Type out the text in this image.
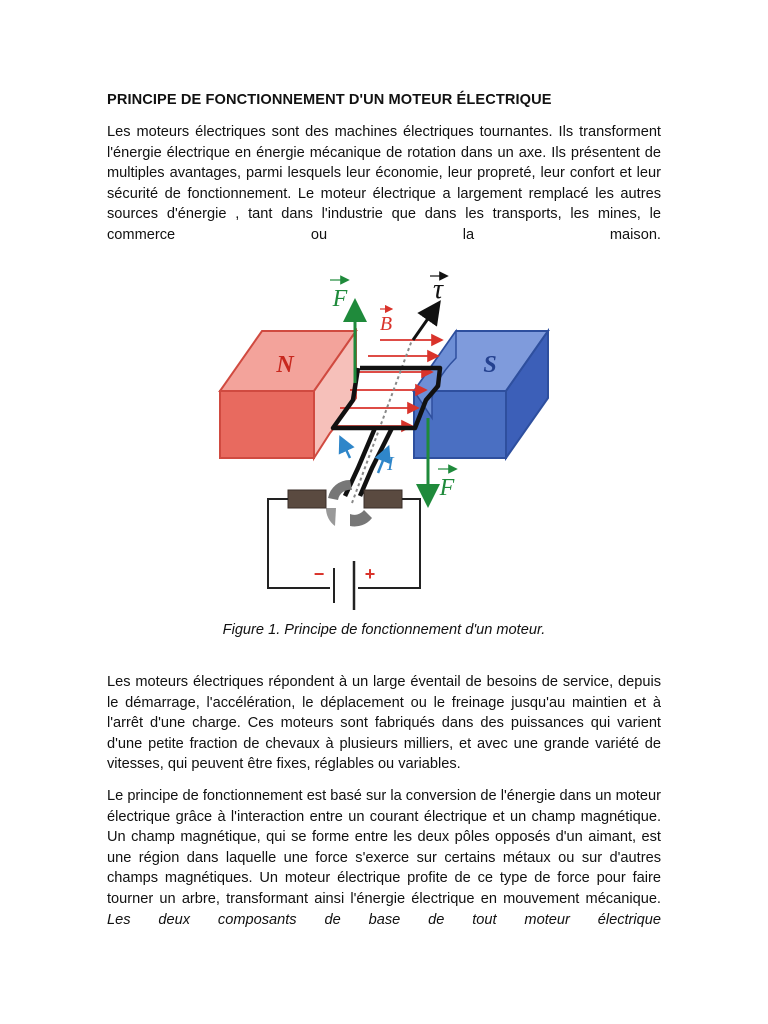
PRINCIPE DE FONCTIONNEMENT D'UN MOTEUR ÉLECTRIQUE

Les moteurs électriques sont des machines électriques tournantes. Ils transforment l'énergie électrique en énergie mécanique de rotation dans un axe. Ils présentent de multiples avantages, parmi lesquels leur économie, leur propreté, leur confort et leur sécurité de fonctionnement. Le moteur électrique a largement remplacé les autres sources d'énergie , tant dans l'industrie que dans les transports, les mines, le commerce ou la maison.

N	S
B
τ
I
F
F
− +
Figure 1. Principe de fonctionnement d'un moteur.

Les moteurs électriques répondent à un large éventail de besoins de service, depuis le démarrage, l'accélération, le déplacement ou le freinage jusqu'au maintien et à l'arrêt d'une charge. Ces moteurs sont fabriqués dans des puissances qui varient d'une petite fraction de chevaux à plusieurs milliers, et avec une grande variété de vitesses, qui peuvent être fixes, réglables ou variables.

Le principe de fonctionnement est basé sur la conversion de l'énergie dans un moteur électrique grâce à l'interaction entre un courant électrique et un champ magnétique. Un champ magnétique, qui se forme entre les deux pôles opposés d'un aimant, est une région dans laquelle une force s'exerce sur certains métaux ou sur d'autres champs magnétiques. Un moteur électrique profite de ce type de force pour faire tourner un arbre, transformant ainsi l'énergie électrique en mouvement mécanique. Les deux composants de base de tout moteur électrique
